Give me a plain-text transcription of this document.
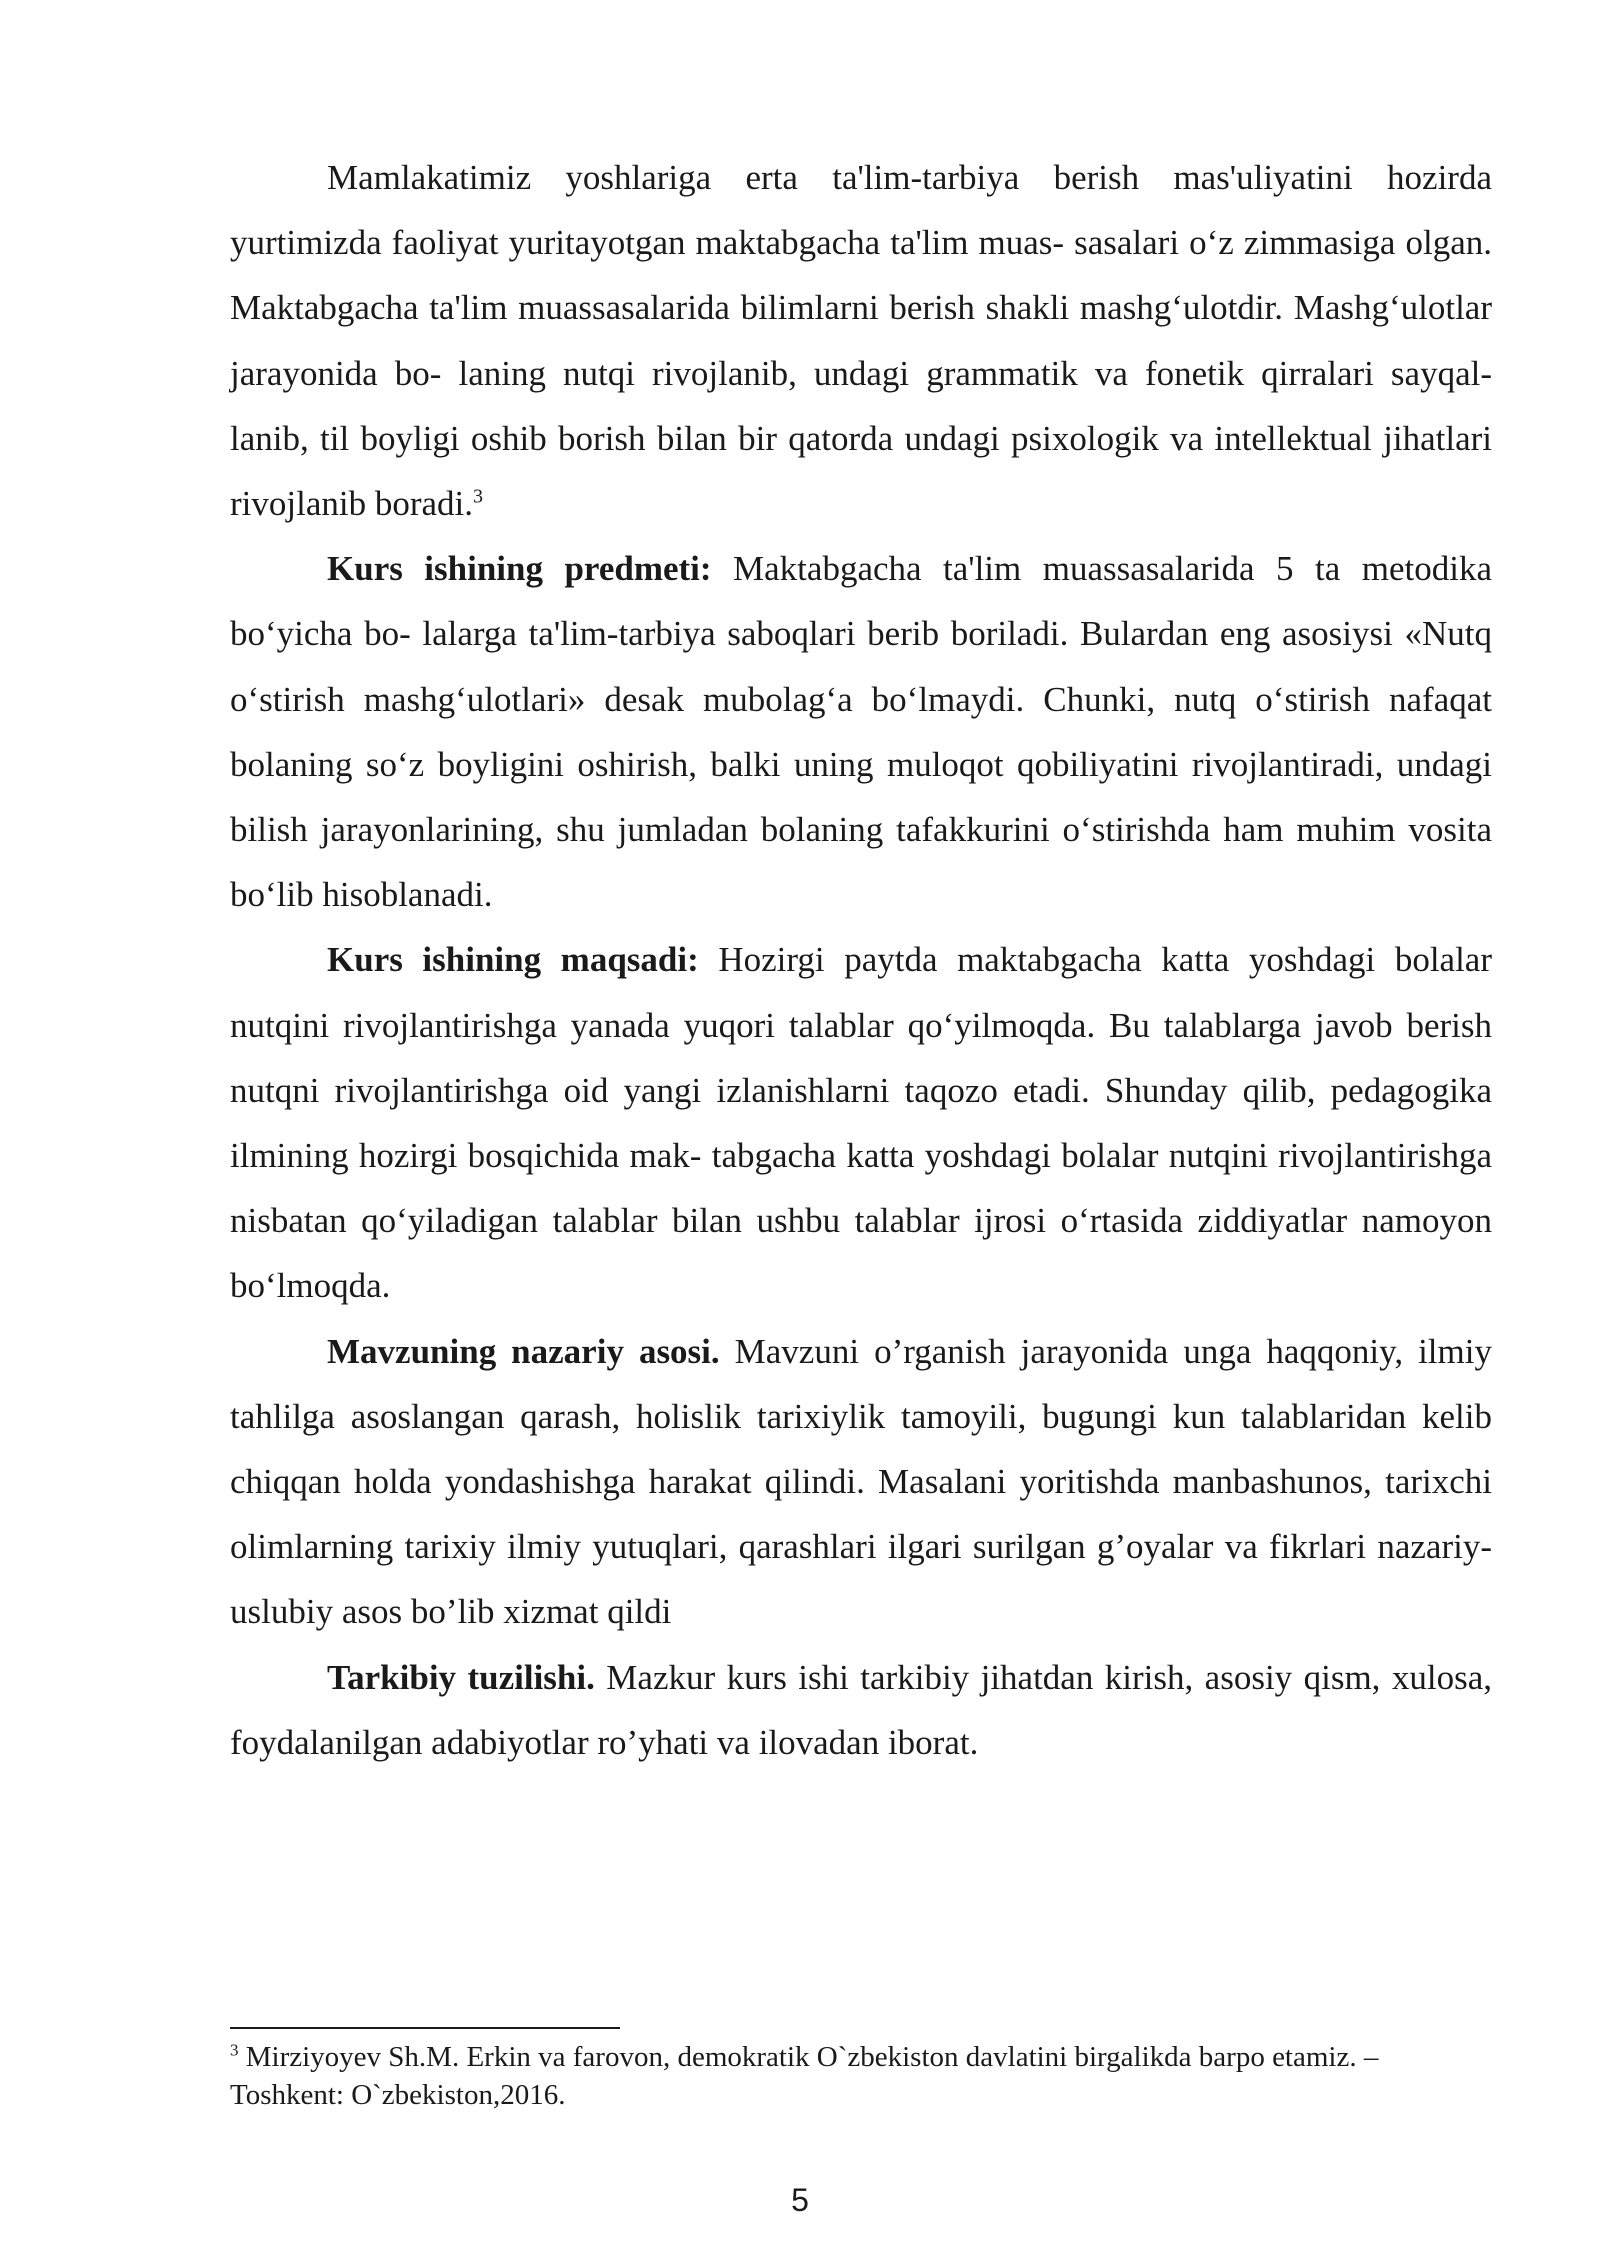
Mamlakatimiz yoshlariga erta ta'lim-tarbiya berish mas'uliyatini hozirda yurtimizda faoliyat yuritayotgan maktabgacha ta'lim muas- sasalari o‘z zimmasiga olgan. Maktabgacha ta'lim muassasalarida bilimlarni berish shakli mashg‘ulotdir. Mashg‘ulotlar jarayonida bo- laning nutqi rivojlanib, undagi grammatik va fonetik qirralari sayqal- lanib, til boyligi oshib borish bilan bir qatorda undagi psixologik va intellektual jihatlari rivojlanib boradi.$^3$

Kurs ishining predmeti: Maktabgacha ta'lim muassasalarida 5 ta metodika bo‘yicha bo- lalarga ta'lim-tarbiya saboqlari berib boriladi. Bulardan eng asosiysi «Nutq o‘stirish mashg‘ulotlari» desak mubolag‘a bo‘lmaydi. Chunki, nutq o‘stirish nafaqat bolaning so‘z boyligini oshirish, balki uning muloqot qobiliyatini rivojlantiradi, undagi bilish jarayonlarining, shu jumladan bolaning tafakkurini o‘stirishda ham muhim vosita bo‘lib hisoblanadi.

Kurs ishining maqsadi: Hozirgi paytda maktabgacha katta yoshdagi bolalar nutqini rivojlantirishga yanada yuqori talablar qo‘yilmoqda. Bu talablarga javob berish nutqni rivojlantirishga oid yangi izlanishlarni taqozo etadi. Shunday qilib, pedagogika ilmining hozirgi bosqichida mak- tabgacha katta yoshdagi bolalar nutqini rivojlantirishga nisbatan qo‘yiladigan talablar bilan ushbu talablar ijrosi o‘rtasida ziddiyatlar namoyon bo‘lmoqda.

Mavzuning nazariy asosi. Mavzuni o’rganish jarayonida unga haqqoniy, ilmiy tahlilga asoslangan qarash, holislik tarixiylik tamoyili, bugungi kun talablaridan kelib chiqqan holda yondashishga harakat qilindi. Masalani yoritishda manbashunos, tarixchi olimlarning tarixiy ilmiy yutuqlari, qarashlari ilgari surilgan g’oyalar va fikrlari nazariy-uslubiy asos bo’lib xizmat qildi

Tarkibiy tuzilishi. Mazkur kurs ishi tarkibiy jihatdan kirish, asosiy qism, xulosa, foydalanilgan adabiyotlar ro’yhati va ilovadan iborat.

$^3$ Mirziyoyev Sh.M. Erkin va farovon, demokratik O`zbekiston davlatini birgalikda barpo etamiz. –Toshkent: O`zbekiston,2016.

5
